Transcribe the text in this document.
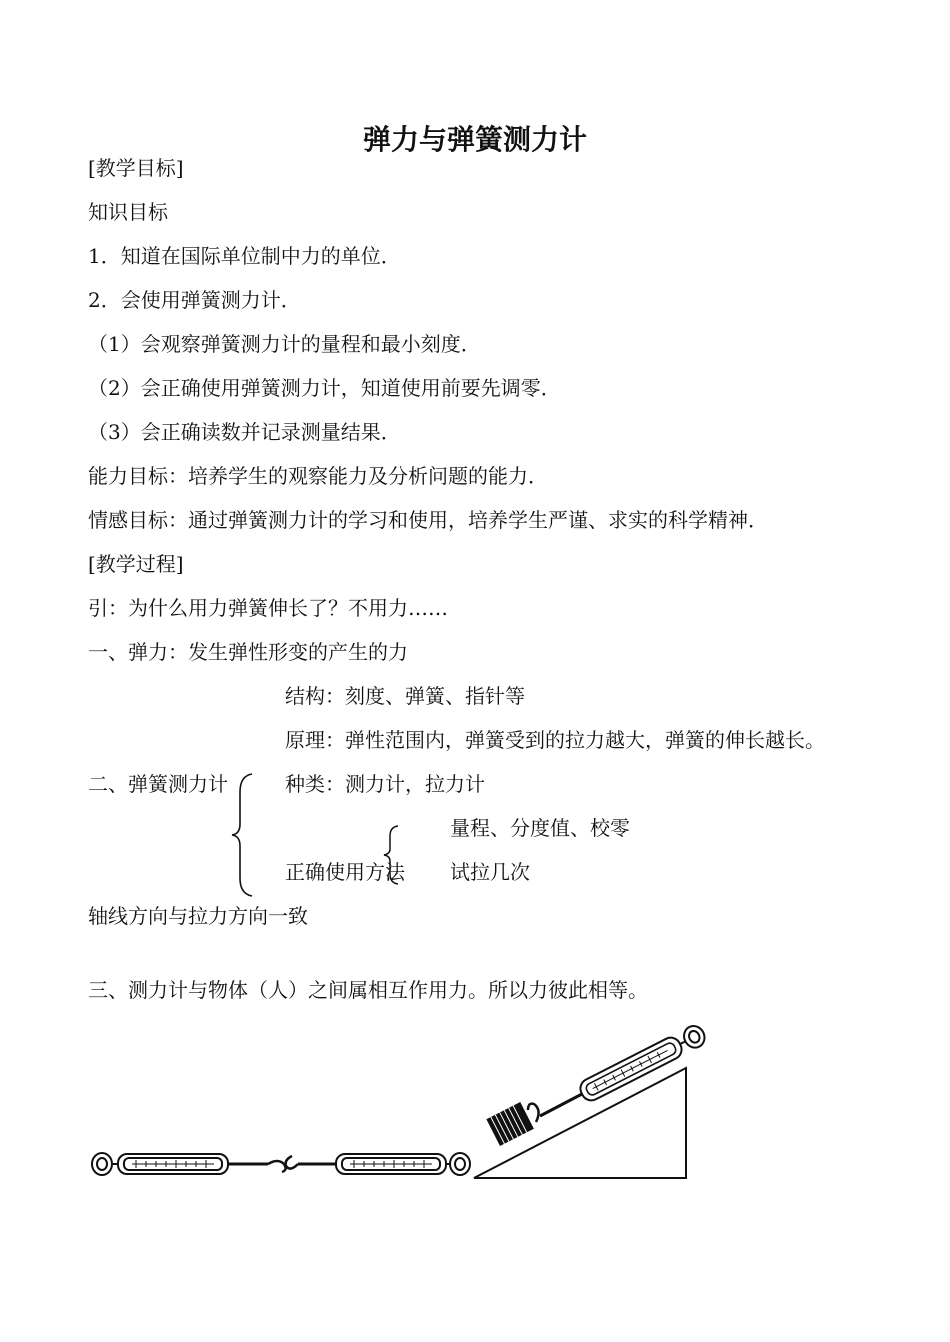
弹力与弹簧测力计
[教学目标]
知识目标
1．知道在国际单位制中力的单位．
2．会使用弹簧测力计．
（1）会观察弹簧测力计的量程和最小刻度．
（2）会正确使用弹簧测力计，知道使用前要先调零．
（3）会正确读数并记录测量结果．
能力目标：培养学生的观察能力及分析问题的能力．
情感目标：通过弹簧测力计的学习和使用，培养学生严谨、求实的科学精神．
[教学过程]
引：为什么用力弹簧伸长了？不用力……
一、弹力：发生弹性形变的产生的力
结构：刻度、弹簧、指针等
原理：弹性范围内，弹簧受到的拉力越大，弹簧的伸长越长。
二、弹簧测力计	种类：测力计，拉力计
量程、分度值、校零
正确使用方法 试拉几次
轴线方向与拉力方向一致
三、测力计与物体（人）之间属相互作用力。所以力彼此相等。
